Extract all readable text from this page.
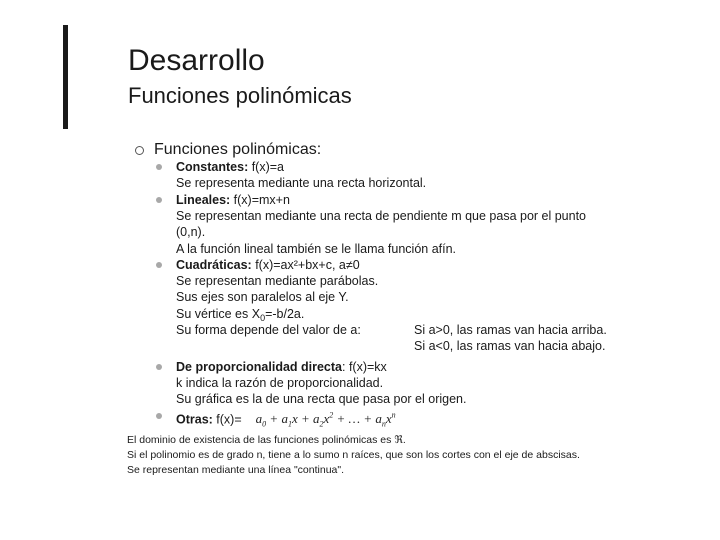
Desarrollo
Funciones polinómicas
Funciones polinómicas:
Constantes: f(x)=a
Se representa mediante una recta horizontal.
Lineales: f(x)=mx+n
Se representan mediante una recta de pendiente m que pasa por el punto
(0,n).
A la función lineal también se le llama función afín.
Cuadráticas: f(x)=ax²+bx+c, a≠0
Se representan mediante parábolas.
Sus ejes son paralelos al eje Y.
Su vértice es $X_0=-b/2a$.
Su forma depende del valor de a:	Si a>0, las ramas van hacia arriba.
Si a<0, las ramas van hacia abajo.
De proporcionalidad directa: f(x)=kx
k indica la razón de proporcionalidad.
Su gráfica es la de una recta que pasa por el origen.
Otras: $f(x)= a_0 + a_1x + a_2x^2$ + … + $a_nx^n$
El dominio de existencia de las funciones polinómicas es ℜ.
Si el polinomio es de grado n, tiene a lo sumo n raíces, que son los cortes con el eje de abscisas.
Se representan mediante una línea "continua".
